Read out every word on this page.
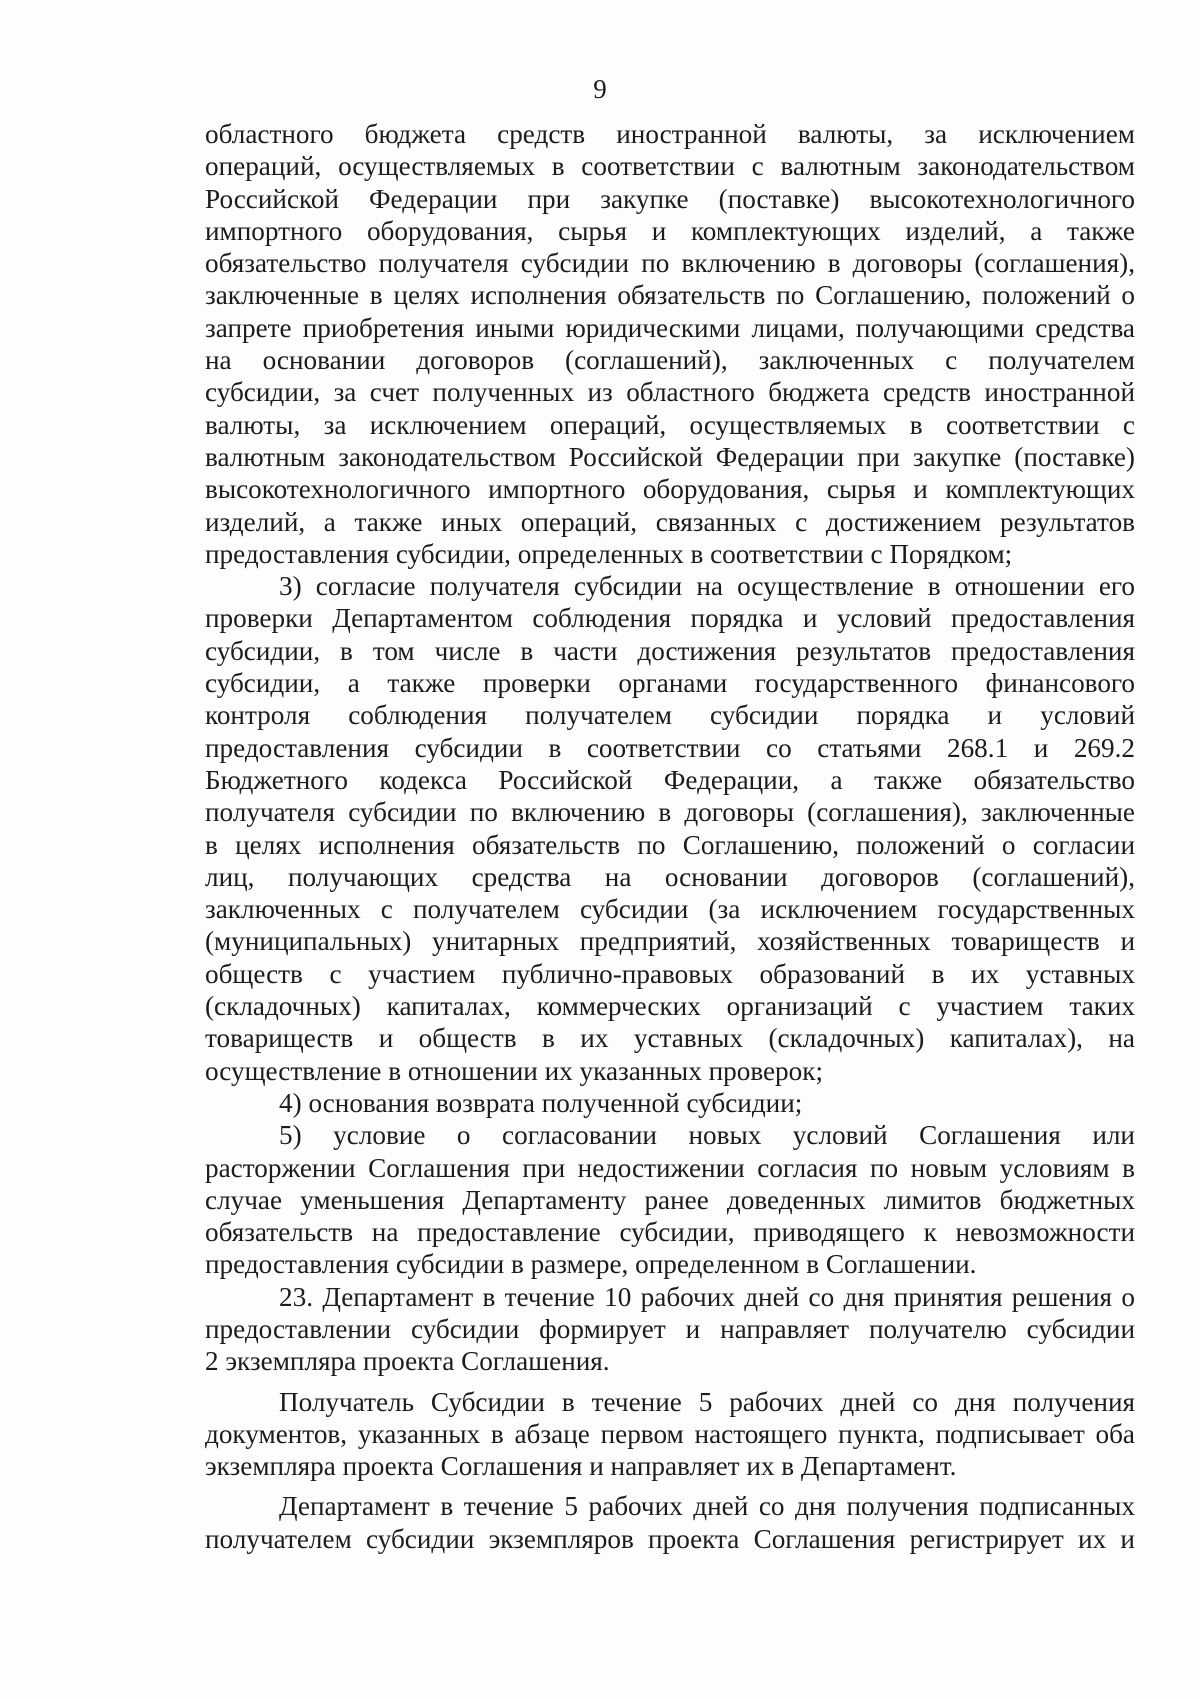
9
областного бюджета средств иностранной валюты, за исключением
операций, осуществляемых в соответствии с валютным законодательством
Российской Федерации при закупке (поставке) высокотехнологичного
импортного оборудования, сырья и комплектующих изделий, а также
обязательство получателя субсидии по включению в договоры (соглашения),
заключенные в целях исполнения обязательств по Соглашению, положений о
запрете приобретения иными юридическими лицами, получающими средства
на основании договоров (соглашений), заключенных с получателем
субсидии, за счет полученных из областного бюджета средств иностранной
валюты, за исключением операций, осуществляемых в соответствии с
валютным законодательством Российской Федерации при закупке (поставке)
высокотехнологичного импортного оборудования, сырья и комплектующих
изделий, а также иных операций, связанных с достижением результатов
предоставления субсидии, определенных в соответствии с Порядком;
3) согласие получателя субсидии на осуществление в отношении его
проверки Департаментом соблюдения порядка и условий предоставления
субсидии, в том числе в части достижения результатов предоставления
субсидии, а также проверки органами государственного финансового
контроля соблюдения получателем субсидии порядка и условий
предоставления субсидии в соответствии со статьями 268.1 и 269.2
Бюджетного кодекса Российской Федерации, а также обязательство
получателя субсидии по включению в договоры (соглашения), заключенные
в целях исполнения обязательств по Соглашению, положений о согласии
лиц, получающих средства на основании договоров (соглашений),
заключенных с получателем субсидии (за исключением государственных
(муниципальных) унитарных предприятий, хозяйственных товариществ и
обществ с участием публично-правовых образований в их уставных
(складочных) капиталах, коммерческих организаций с участием таких
товариществ и обществ в их уставных (складочных) капиталах), на
осуществление в отношении их указанных проверок;
4) основания возврата полученной субсидии;
5) условие о согласовании новых условий Соглашения или
расторжении Соглашения при недостижении согласия по новым условиям в
случае уменьшения Департаменту ранее доведенных лимитов бюджетных
обязательств на предоставление субсидии, приводящего к невозможности
предоставления субсидии в размере, определенном в Соглашении.
23. Департамент в течение 10 рабочих дней со дня принятия решения о
предоставлении субсидии формирует и направляет получателю субсидии
2 экземпляра проекта Соглашения.
Получатель Субсидии в течение 5 рабочих дней со дня получения
документов, указанных в абзаце первом настоящего пункта, подписывает оба
экземпляра проекта Соглашения и направляет их в Департамент.
Департамент в течение 5 рабочих дней со дня получения подписанных
получателем субсидии экземпляров проекта Соглашения регистрирует их и
